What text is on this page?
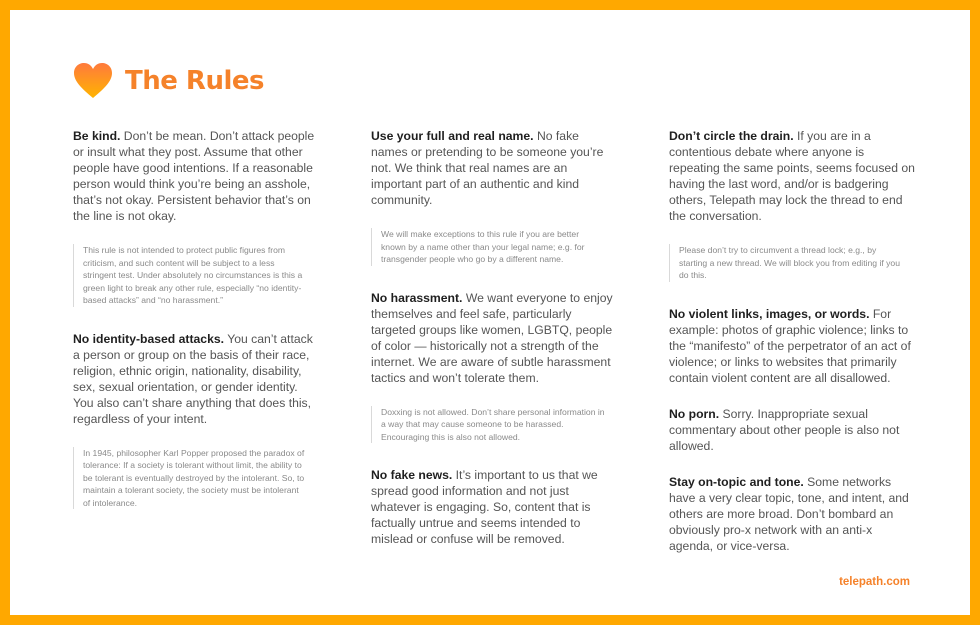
The Rules

Be kind. Don’t be mean. Don’t attack people or insult what they post. Assume that other people have good intentions. If a reasonable person would think you’re being an asshole, that’s not okay. Persistent behavior that’s on the line is not okay.

This rule is not intended to protect public figures from criticism, and such content will be subject to a less stringent test. Under absolutely no circumstances is this a green light to break any other rule, especially “no identity-based attacks” and “no harassment.”

No identity-based attacks. You can’t attack a person or group on the basis of their race, religion, ethnic origin, nationality, disability, sex, sexual orientation, or gender identity. You also can’t share anything that does this, regardless of your intent.

In 1945, philosopher Karl Popper proposed the paradox of tolerance: If a society is tolerant without limit, the ability to be tolerant is eventually destroyed by the intolerant. So, to maintain a tolerant society, the society must be intolerant of intolerance.

Use your full and real name. No fake names or pretending to be someone you’re not. We think that real names are an important part of an authentic and kind community.

We will make exceptions to this rule if you are better known by a name other than your legal name; e.g. for transgender people who go by a different name.

No harassment. We want everyone to enjoy themselves and feel safe, particularly targeted groups like women, LGBTQ, people of color — historically not a strength of the internet. We are aware of subtle harassment tactics and won’t tolerate them.

Doxxing is not allowed. Don’t share personal information in a way that may cause someone to be harassed. Encouraging this is also not allowed.

No fake news. It’s important to us that we spread good information and not just whatever is engaging. So, content that is factually untrue and seems intended to mislead or confuse will be removed.

Don’t circle the drain. If you are in a contentious debate where anyone is repeating the same points, seems focused on having the last word, and/or is badgering others, Telepath may lock the thread to end the conversation.

Please don’t try to circumvent a thread lock; e.g., by starting a new thread. We will block you from editing if you do this.

No violent links, images, or words. For example: photos of graphic violence; links to the “manifesto” of the perpetrator of an act of violence; or links to websites that primarily contain violent content are all disallowed.

No porn. Sorry. Inappropriate sexual commentary about other people is also not allowed.

Stay on-topic and tone. Some networks have a very clear topic, tone, and intent, and others are more broad. Don’t bombard an obviously pro-x network with an anti-x agenda, or vice-versa.

telepath.com
